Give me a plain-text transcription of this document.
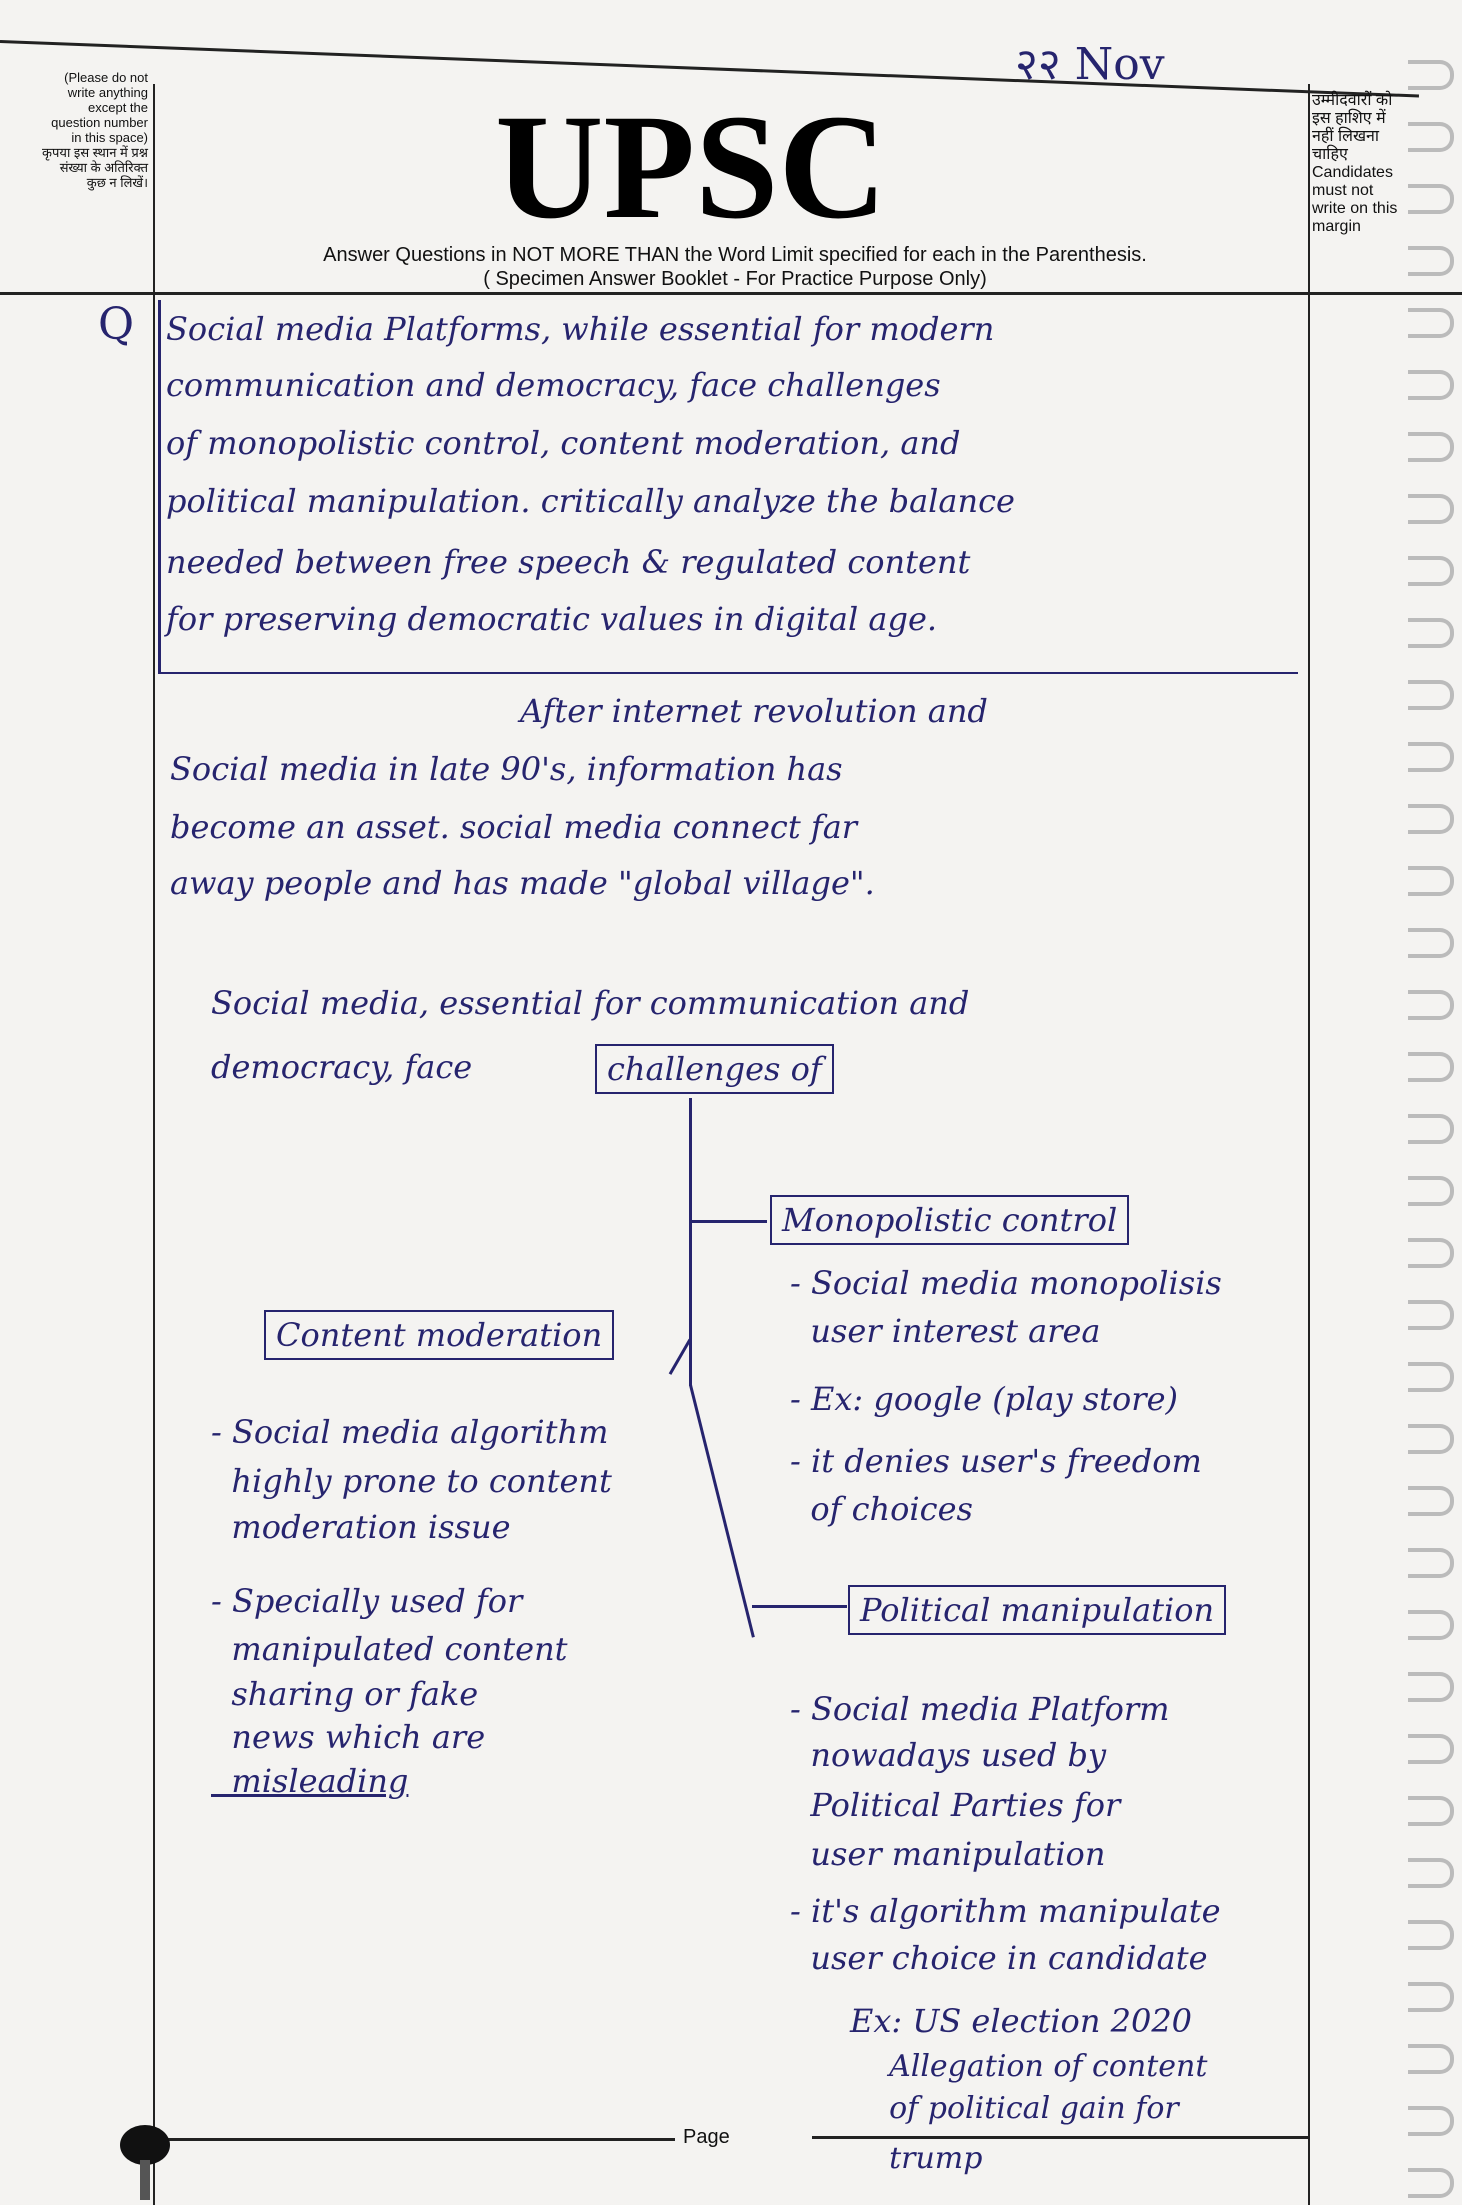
२२ Nov
(Please do not write anything except the question number in this space) कृपया इस स्थान में प्रश्न संख्या के अतिरिक्त कुछ न लिखें।
उम्मीदवारों को इस हाशिए में नहीं लिखना चाहिए Candidates must not write on this margin
UPSC
Answer Questions in NOT MORE THAN the Word Limit specified for each in the Parenthesis.
( Specimen Answer Booklet - For Practice Purpose Only)
Q Social media Platforms, while essential for modern
communication and democracy, face challenges
of monopolistic control, content moderation, and
political manipulation. critically analyze the balance
needed between free speech & regulated content
for preserving democratic values in digital age.
After internet revolution and
Social media in late 90's, information has
become an asset. social media connect far
away people and has made "global village".
Social media, essential for communication and
democracy, face	challenges of
Monopolistic control
- Social media monopolisis
user interest area
- Ex: google (play store)
- it denies user's freedom
of choices
Content moderation
- Social media algorithm
highly prone to content
moderation issue
- Specially used for
manipulated content
sharing or fake
news which are
misleading
Political manipulation
- Social media Platform
nowadays used by
Political Parties for
user manipulation
- it's algorithm manipulate
user choice in candidate
Ex: US election 2020
Allegation of content
of political gain for
trump
Page
